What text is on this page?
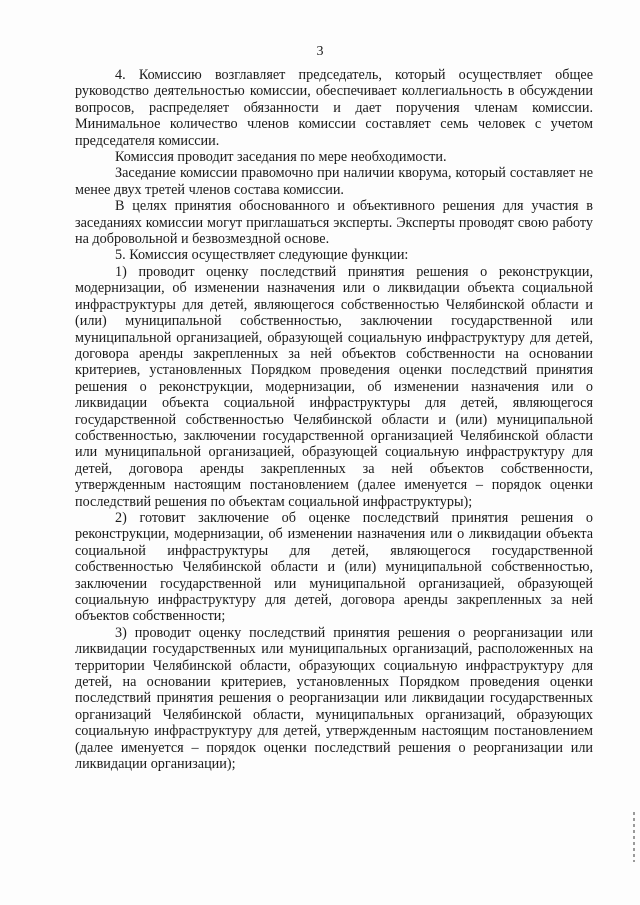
3

4. Комиссию возглавляет председатель, который осуществляет общее руководство деятельностью комиссии, обеспечивает коллегиальность в обсуждении вопросов, распределяет обязанности и дает поручения членам комиссии. Минимальное количество членов комиссии составляет семь человек с учетом председателя комиссии.

Комиссия проводит заседания по мере необходимости.

Заседание комиссии правомочно при наличии кворума, который составляет не менее двух третей членов состава комиссии.

В целях принятия обоснованного и объективного решения для участия в заседаниях комиссии могут приглашаться эксперты. Эксперты проводят свою работу на добровольной и безвозмездной основе.

5. Комиссия осуществляет следующие функции:

1) проводит оценку последствий принятия решения о реконструкции, модернизации, об изменении назначения или о ликвидации объекта социальной инфраструктуры для детей, являющегося собственностью Челябинской области и (или) муниципальной собственностью, заключении государственной или муниципальной организацией, образующей социальную инфраструктуру для детей, договора аренды закрепленных за ней объектов собственности на основании критериев, установленных Порядком проведения оценки последствий принятия решения о реконструкции, модернизации, об изменении назначения или о ликвидации объекта социальной инфраструктуры для детей, являющегося государственной собственностью Челябинской области и (или) муниципальной собственностью, заключении государственной организацией Челябинской области или муниципальной организацией, образующей социальную инфраструктуру для детей, договора аренды закрепленных за ней объектов собственности, утвержденным настоящим постановлением (далее именуется – порядок оценки последствий решения по объектам социальной инфраструктуры);

2) готовит заключение об оценке последствий принятия решения о реконструкции, модернизации, об изменении назначения или о ликвидации объекта социальной инфраструктуры для детей, являющегося государственной собственностью Челябинской области и (или) муниципальной собственностью, заключении государственной или муниципальной организацией, образующей социальную инфраструктуру для детей, договора аренды закрепленных за ней объектов собственности;

3) проводит оценку последствий принятия решения о реорганизации или ликвидации государственных или муниципальных организаций, расположенных на территории Челябинской области, образующих социальную инфраструктуру для детей, на основании критериев, установленных Порядком проведения оценки последствий принятия решения о реорганизации или ликвидации государственных организаций Челябинской области, муниципальных организаций, образующих социальную инфраструктуру для детей, утвержденным настоящим постановлением (далее именуется – порядок оценки последствий решения о реорганизации или ликвидации организации);
